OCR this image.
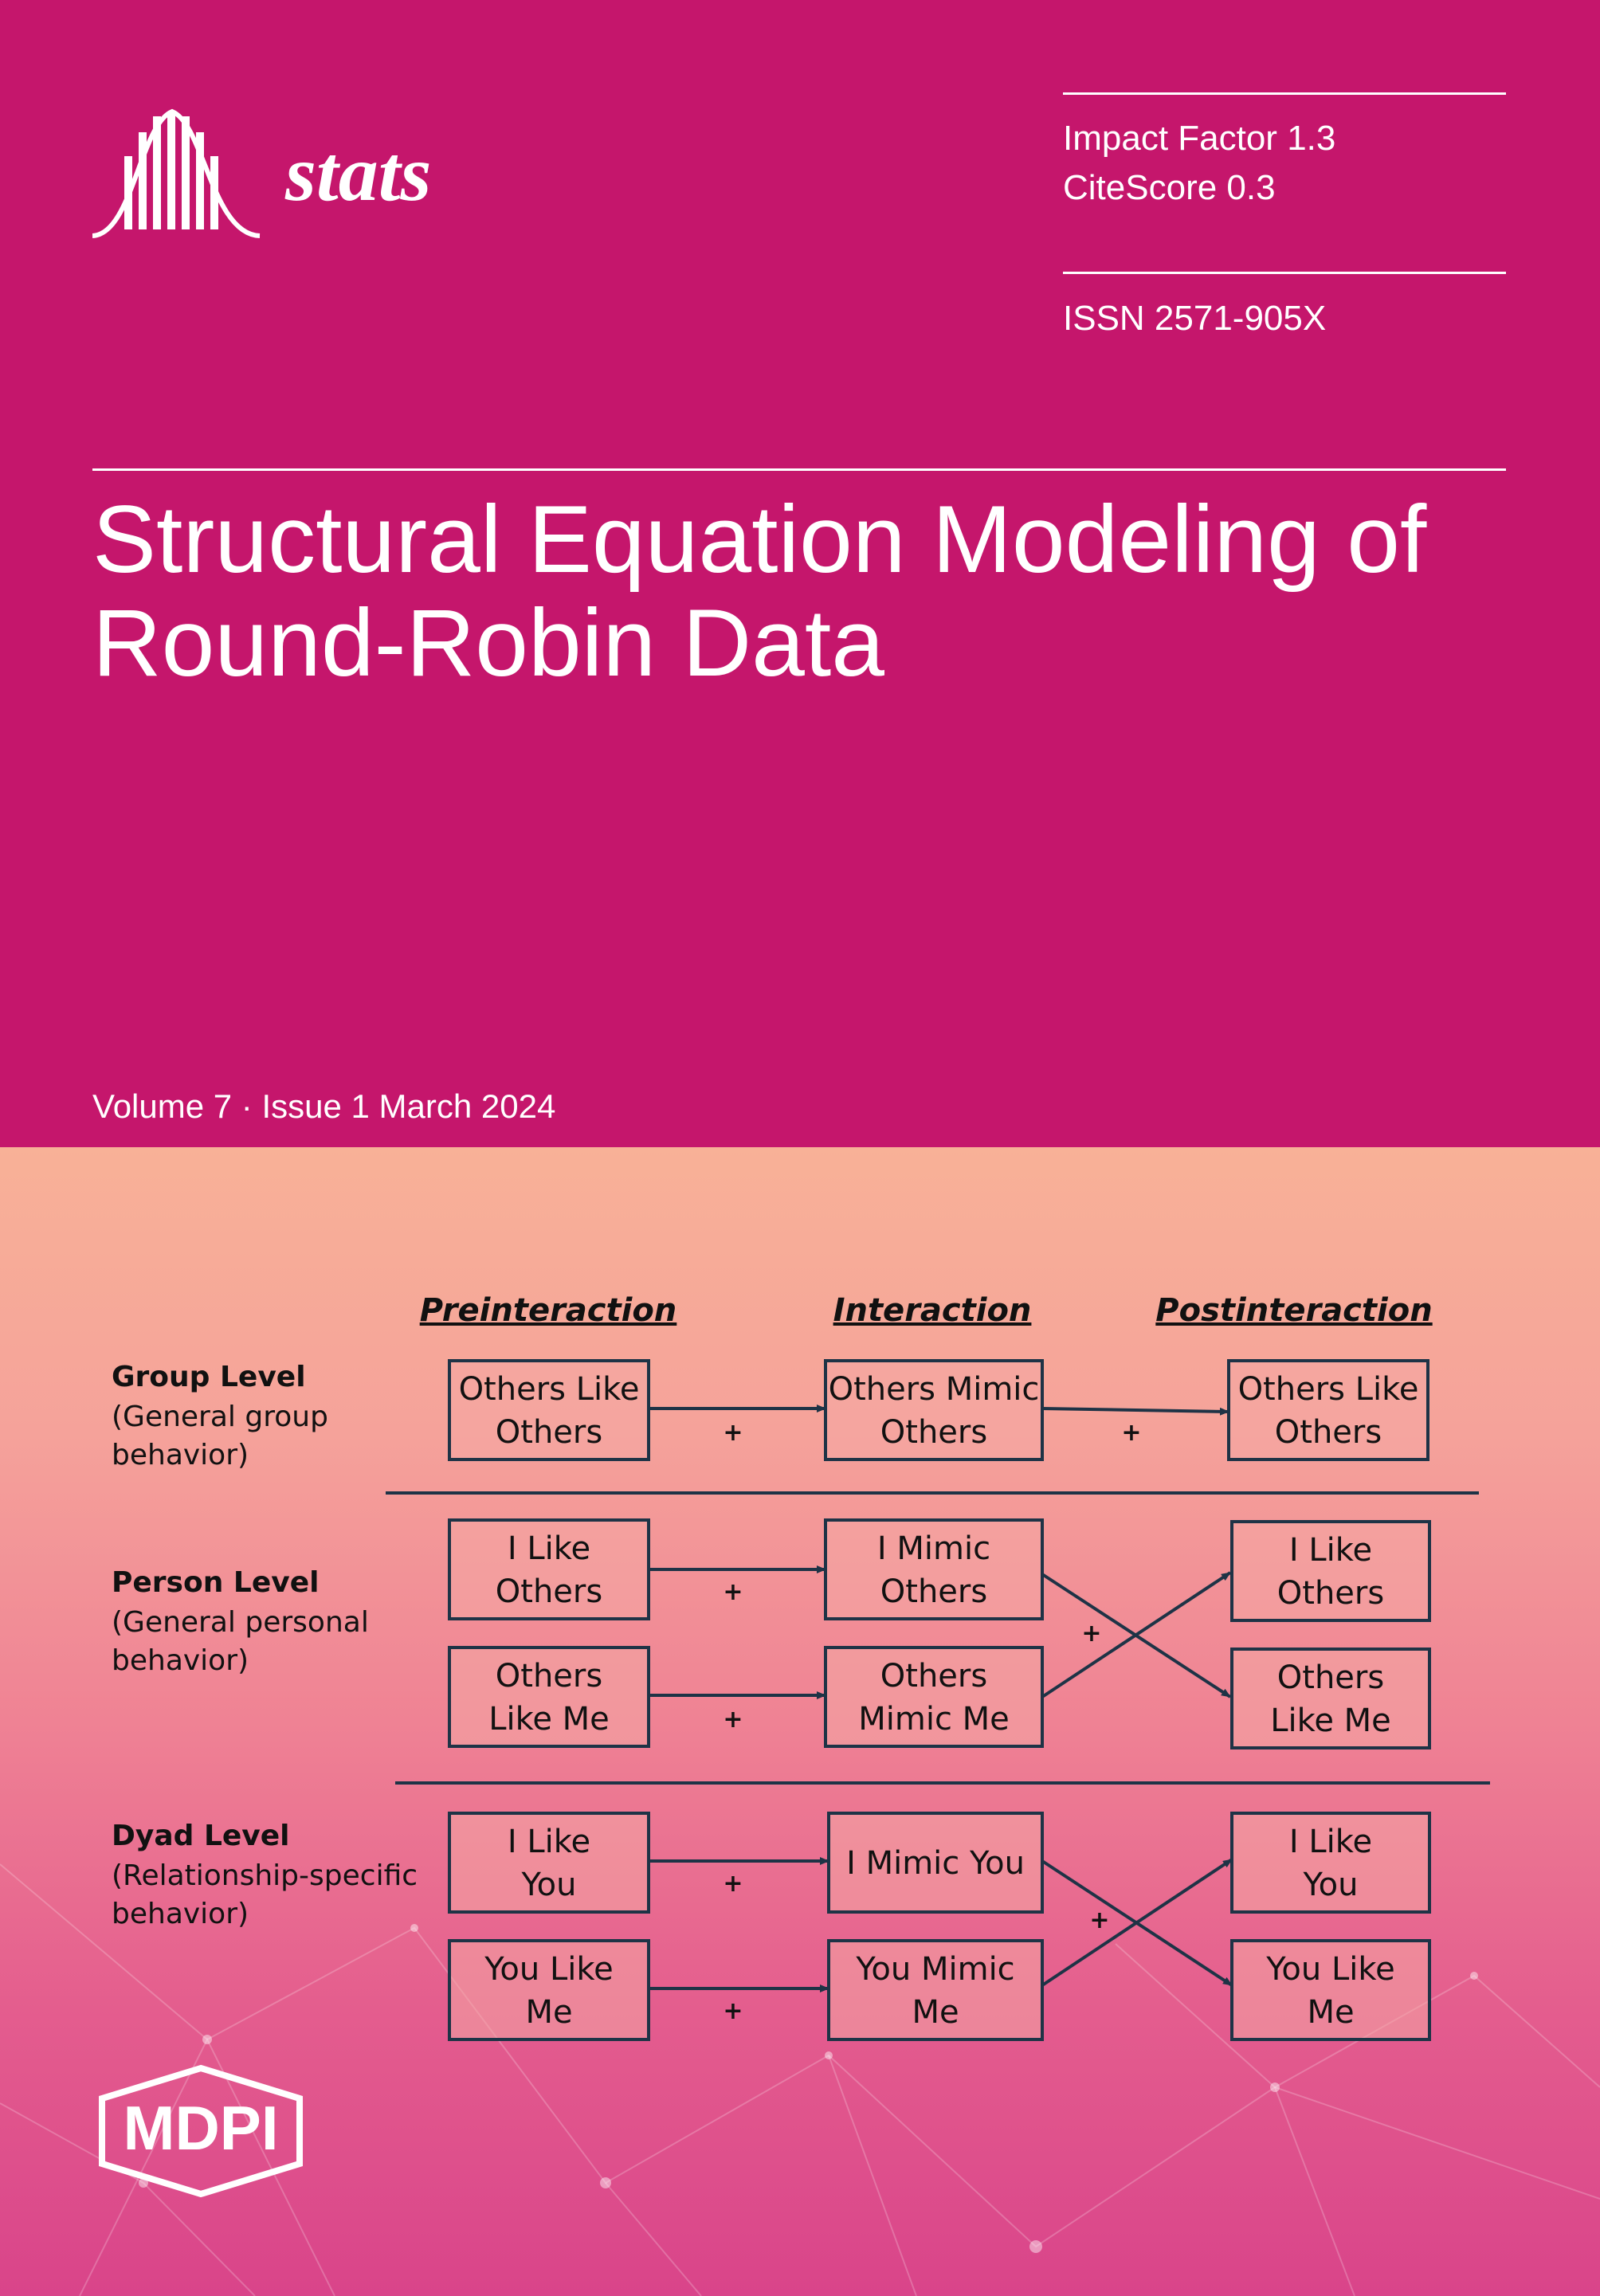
stats	Impact Factor 1.3
CiteScore 0.3
ISSN 2571-905X
Structural Equation Modeling of
Round-Robin Data
Volume 7 · Issue 1 March 2024
Preinteraction	Interaction	Postinteraction
Group Level
(General group
behavior)
Person Level
(General personal
behavior)
Dyad Level
(Relationship-specific
behavior)
+	+
+
+
+
+
+
+
Others Like
Others
Others Mimic
Others
Others Like
Others
I Like
Others
I Mimic
Others
I Like
Others
Others
Like Me
Others
Mimic Me
Others
Like Me
I Like
You
I Mimic You
I Like
You
You Like
Me
You Mimic
Me
You Like
Me
MDPI
